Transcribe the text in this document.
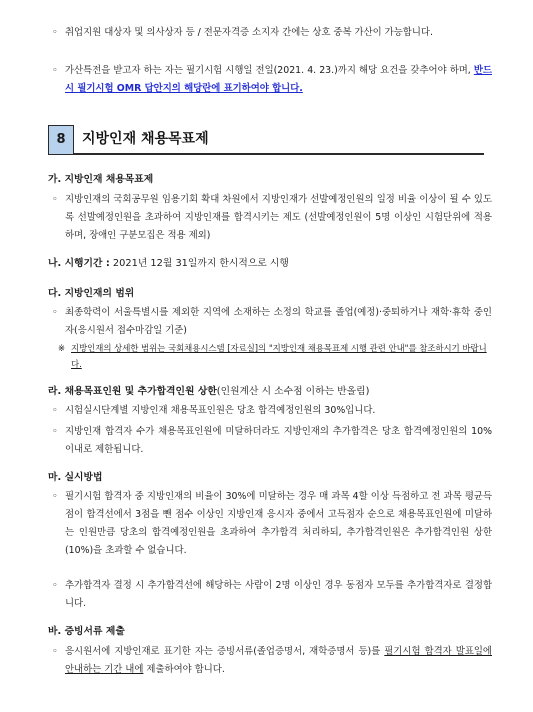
◦ 취업지원 대상자 및 의사상자 등 / 전문자격증 소지자 간에는 상호 중복 가산이 가능합니다.
◦ 가산특전을 받고자 하는 자는 필기시험 시행일 전일(2021. 4. 23.)까지 해당 요건을 갖추어야 하며, 반드시 필기시험 OMR 답안지의 해당란에 표기하여야 합니다.
8	지방인재 채용목표제
가. 지방인재 채용목표제
◦ 지방인재의 국회공무원 임용기회 확대 차원에서 지방인재가 선발예정인원의 일정 비율 이상이 될 수 있도록 선발예정인원을 초과하여 지방인재를 합격시키는 제도 (선발예정인원이 5명 이상인 시험단위에 적용하며, 장애인 구분모집은 적용 제외)
나. 시행기간 : 2021년 12월 31일까지 한시적으로 시행
다. 지방인재의 범위
◦ 최종학력이 서울특별시를 제외한 지역에 소재하는 소정의 학교를 졸업(예정)·중퇴하거나 재학·휴학 중인 자(응시원서 접수마감일 기준)
※ 지방인재의 상세한 범위는 국회채용시스템 [자료실]의 "지방인재 채용목표제 시행 관련 안내"를 참조하시기 바랍니다.
라. 채용목표인원 및 추가합격인원 상한(인원계산 시 소수점 이하는 반올림)
◦ 시험실시단계별 지방인재 채용목표인원은 당초 합격예정인원의 30%입니다.
◦ 지방인재 합격자 수가 채용목표인원에 미달하더라도 지방인재의 추가합격은 당초 합격예정인원의 10% 이내로 제한됩니다.
마. 실시방법
◦ 필기시험 합격자 중 지방인재의 비율이 30%에 미달하는 경우 매 과목 4할 이상 득점하고 전 과목 평균득점이 합격선에서 3점을 뺀 점수 이상인 지방인재 응시자 중에서 고득점자 순으로 채용목표인원에 미달하는 인원만큼 당초의 합격예정인원을 초과하여 추가합격 처리하되, 추가합격인원은 추가합격인원 상한(10%)을 초과할 수 없습니다.
◦ 추가합격자 결정 시 추가합격선에 해당하는 사람이 2명 이상인 경우 동점자 모두를 추가합격자로 결정합니다.
바. 증빙서류 제출
◦ 응시원서에 지방인재로 표기한 자는 증빙서류(졸업증명서, 재학증명서 등)를 필기시험 합격자 발표일에 안내하는 기간 내에 제출하여야 합니다.
